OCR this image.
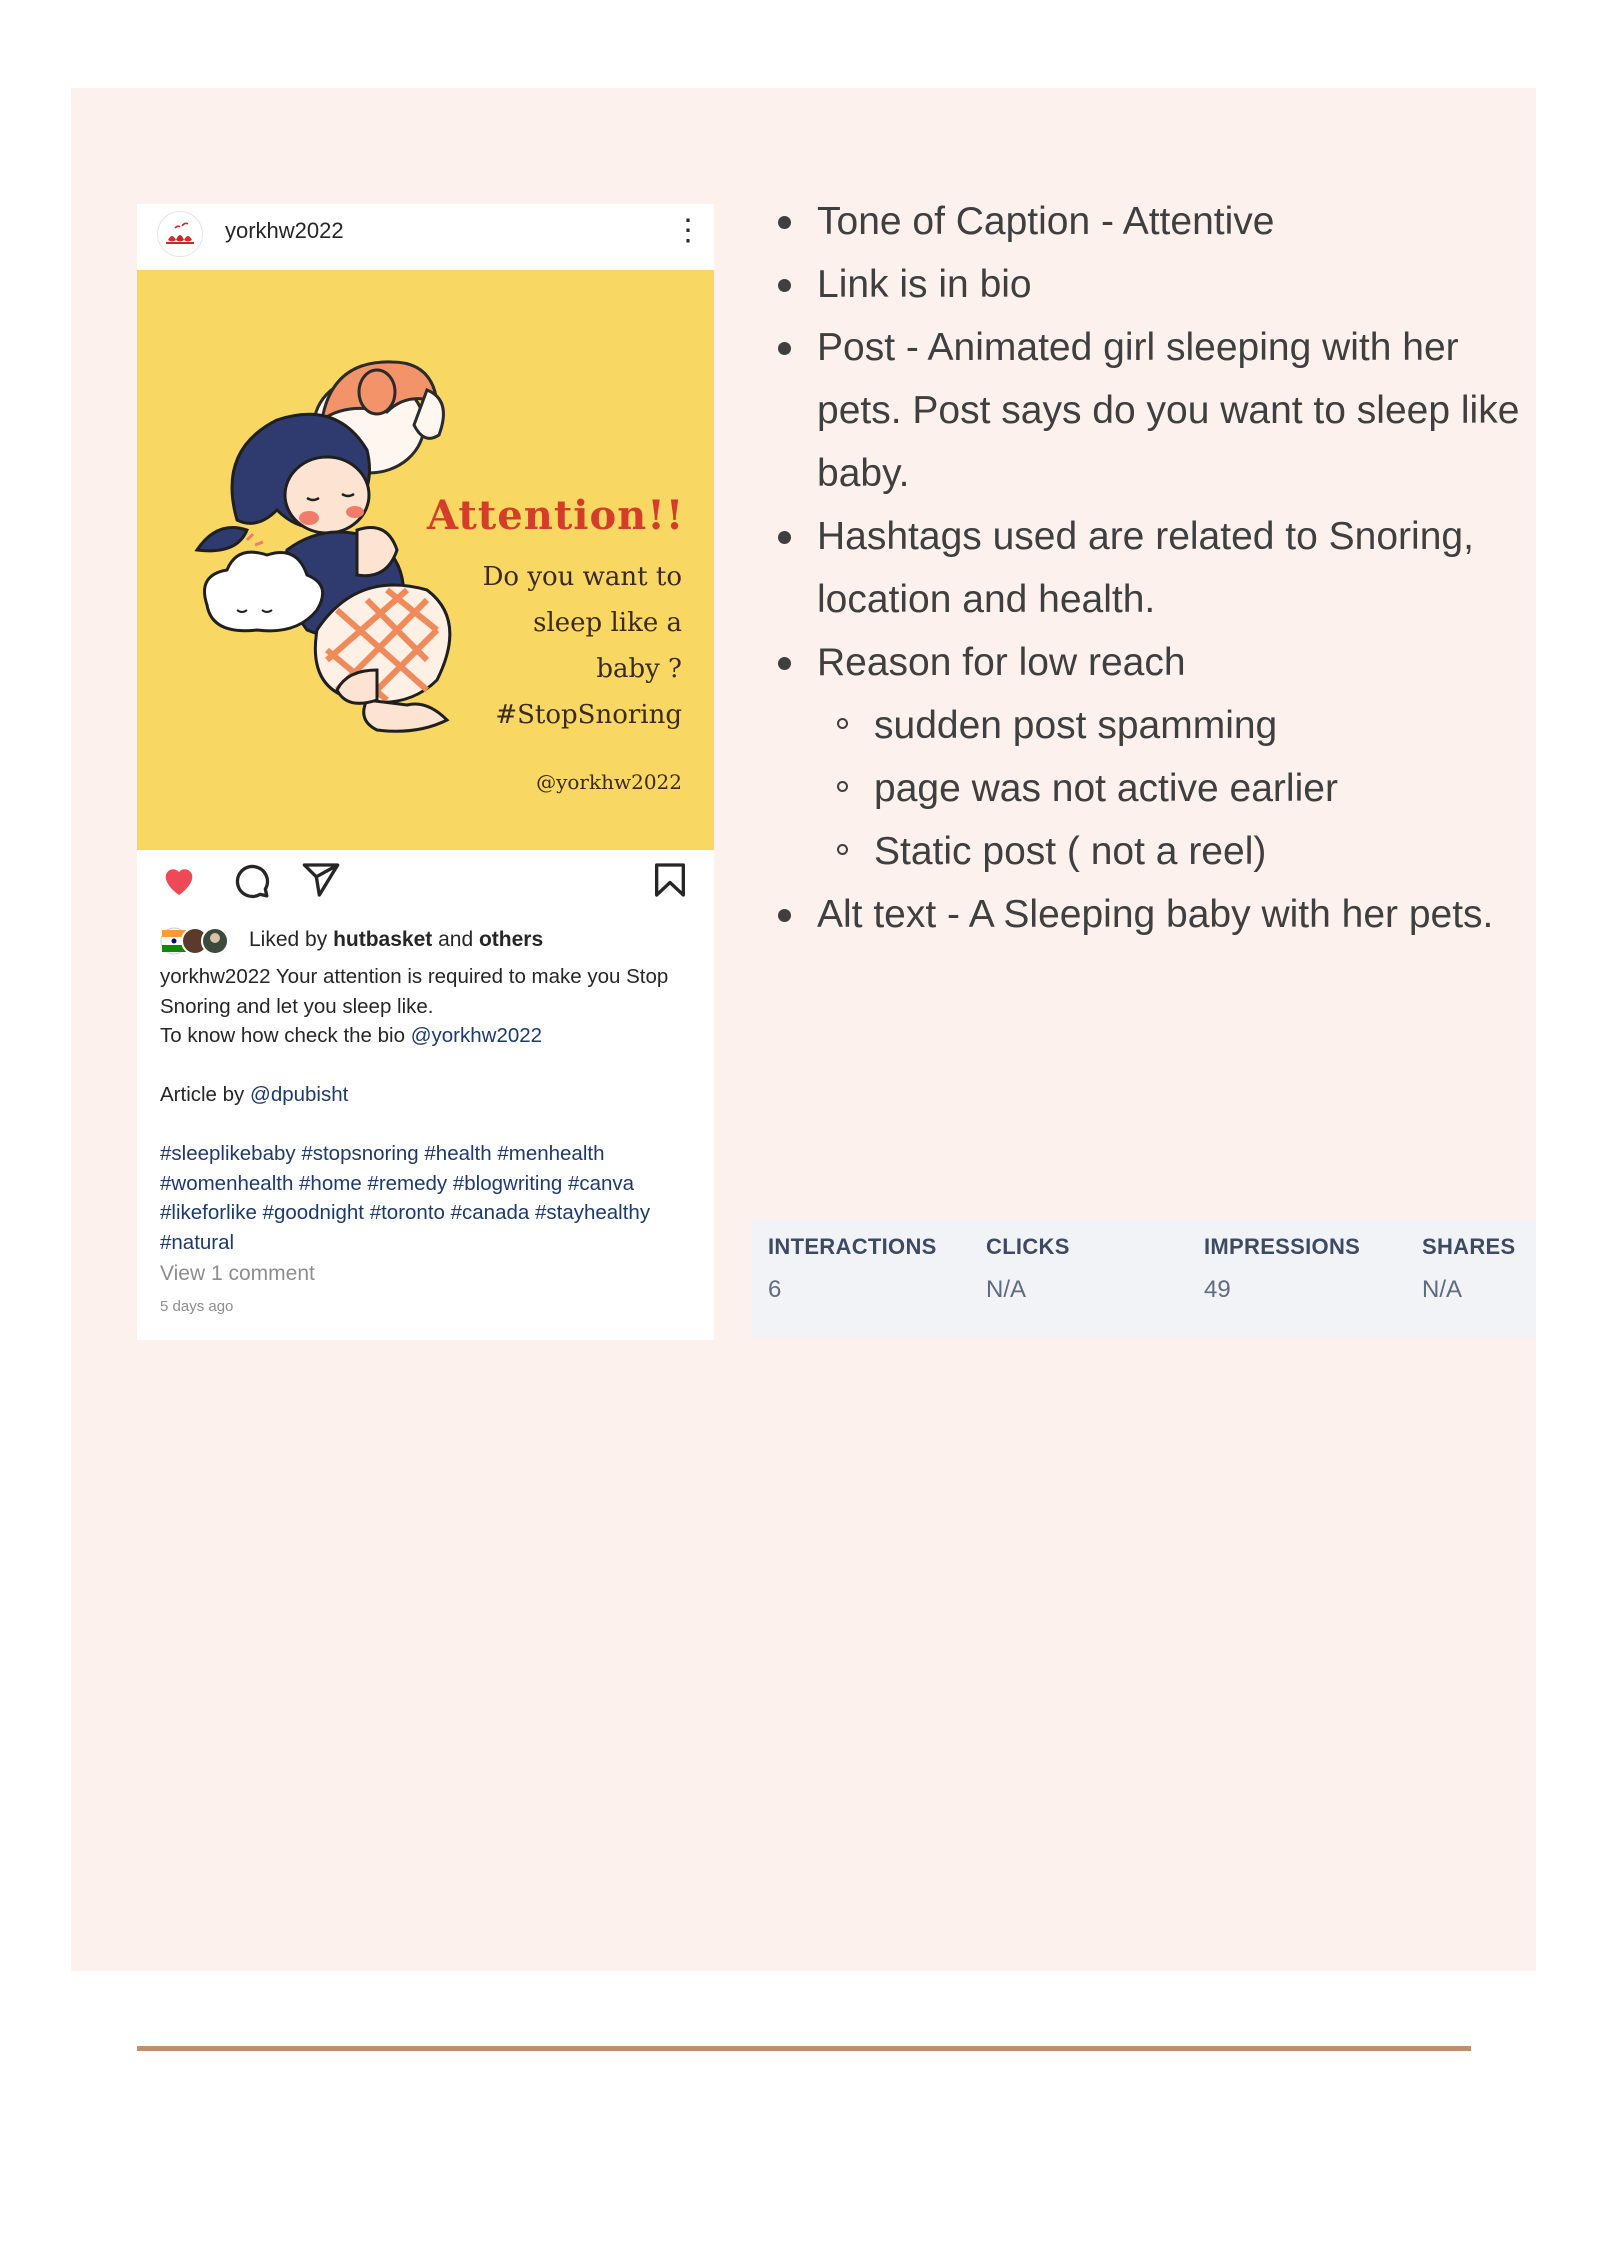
yorkhw2022	⋮
Attention!!
Do you want to
sleep like a
baby ?
#StopSnoring
@yorkhw2022
Liked by hutbasket and others
yorkhw2022 Your attention is required to make you Stop Snoring and let you sleep like.
To know how check the bio @yorkhw2022
Article by @dpubisht
#sleeplikebaby #stopsnoring #health #menhealth #womenhealth #home #remedy #blogwriting #canva #likeforlike #goodnight #toronto #canada #stayhealthy #natural
View 1 comment
5 days ago
Tone of Caption - Attentive
Link is in bio
Post - Animated girl sleeping with her pets. Post says do you want to sleep like baby.
Hashtags used are related to Snoring, location and health.
Reason for low reach
sudden post spamming
page was not active earlier
Static post ( not a reel)
Alt text - A Sleeping baby with her pets.
INTERACTIONS
6
CLICKS
N/A
IMPRESSIONS
49
SHARES
N/A
